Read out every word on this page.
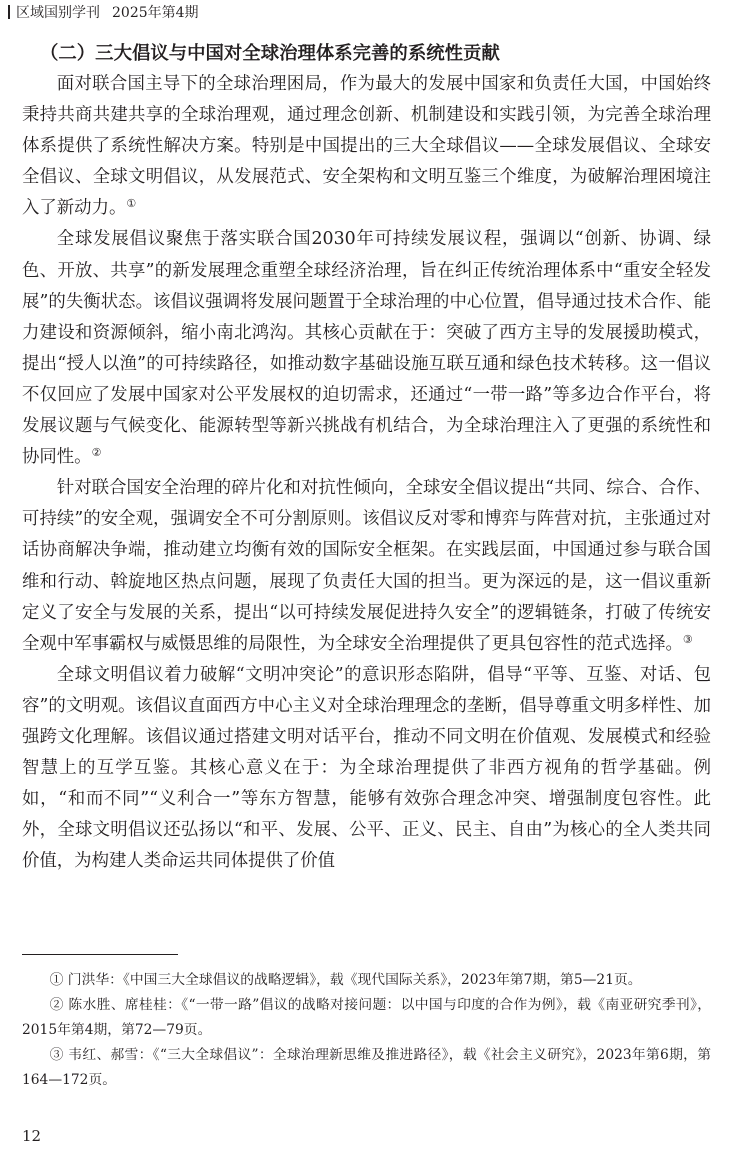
区域国别学刊 2025年第4期
（二）三大倡议与中国对全球治理体系完善的系统性贡献

面对联合国主导下的全球治理困局，作为最大的发展中国家和负责任大国，中国始终秉持共商共建共享的全球治理观，通过理念创新、机制建设和实践引领，为完善全球治理体系提供了系统性解决方案。特别是中国提出的三大全球倡议——全球发展倡议、全球安全倡议、全球文明倡议，从发展范式、安全架构和文明互鉴三个维度，为破解治理困境注入了新动力。①

全球发展倡议聚焦于落实联合国2030年可持续发展议程，强调以“创新、协调、绿色、开放、共享”的新发展理念重塑全球经济治理，旨在纠正传统治理体系中“重安全轻发展”的失衡状态。该倡议强调将发展问题置于全球治理的中心位置，倡导通过技术合作、能力建设和资源倾斜，缩小南北鸿沟。其核心贡献在于：突破了西方主导的发展援助模式，提出“授人以渔”的可持续路径，如推动数字基础设施互联互通和绿色技术转移。这一倡议不仅回应了发展中国家对公平发展权的迫切需求，还通过“一带一路”等多边合作平台，将发展议题与气候变化、能源转型等新兴挑战有机结合，为全球治理注入了更强的系统性和协同性。②

针对联合国安全治理的碎片化和对抗性倾向，全球安全倡议提出“共同、综合、合作、可持续”的安全观，强调安全不可分割原则。该倡议反对零和博弈与阵营对抗，主张通过对话协商解决争端，推动建立均衡有效的国际安全框架。在实践层面，中国通过参与联合国维和行动、斡旋地区热点问题，展现了负责任大国的担当。更为深远的是，这一倡议重新定义了安全与发展的关系，提出“以可持续发展促进持久安全”的逻辑链条，打破了传统安全观中军事霸权与威慑思维的局限性，为全球安全治理提供了更具包容性的范式选择。③

全球文明倡议着力破解“文明冲突论”的意识形态陷阱，倡导“平等、互鉴、对话、包容”的文明观。该倡议直面西方中心主义对全球治理理念的垄断，倡导尊重文明多样性、加强跨文化理解。该倡议通过搭建文明对话平台，推动不同文明在价值观、发展模式和经验智慧上的互学互鉴。其核心意义在于：为全球治理提供了非西方视角的哲学基础。例如，“和而不同”“义利合一”等东方智慧，能够有效弥合理念冲突、增强制度包容性。此外，全球文明倡议还弘扬以“和平、发展、公平、正义、民主、自由”为核心的全人类共同价值，为构建人类命运共同体提供了价值

① 门洪华：《中国三大全球倡议的战略逻辑》，载《现代国际关系》，2023年第7期，第5—21页。

② 陈水胜、席桂桂：《“一带一路”倡议的战略对接问题：以中国与印度的合作为例》，载《南亚研究季刊》，2015年第4期，第72—79页。

③ 韦红、郝雪：《“三大全球倡议”：全球治理新思维及推进路径》，载《社会主义研究》，2023年第6期，第164—172页。

12
